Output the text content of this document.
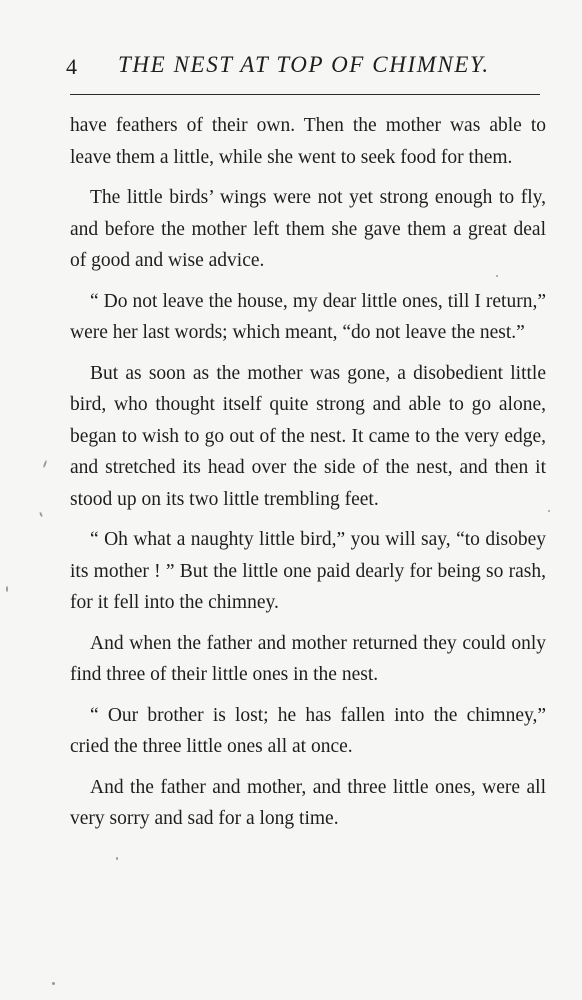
4 THE NEST AT TOP OF CHIMNEY.

have feathers of their own. Then the mother was able to leave them a little, while she went to seek food for them.

The little birds’ wings were not yet strong enough to fly, and before the mother left them she gave them a great deal of good and wise advice.

“ Do not leave the house, my dear little ones, till I return,” were her last words; which meant, “do not leave the nest.”

But as soon as the mother was gone, a disobedient little bird, who thought itself quite strong and able to go alone, began to wish to go out of the nest. It came to the very edge, and stretched its head over the side of the nest, and then it stood up on its two little trembling feet.

“ Oh what a naughty little bird,” you will say, “to disobey its mother ! ” But the little one paid dearly for being so rash, for it fell into the chimney.

And when the father and mother returned they could only find three of their little ones in the nest.

“ Our brother is lost; he has fallen into the chimney,” cried the three little ones all at once.

And the father and mother, and three little ones, were all very sorry and sad for a long time.
